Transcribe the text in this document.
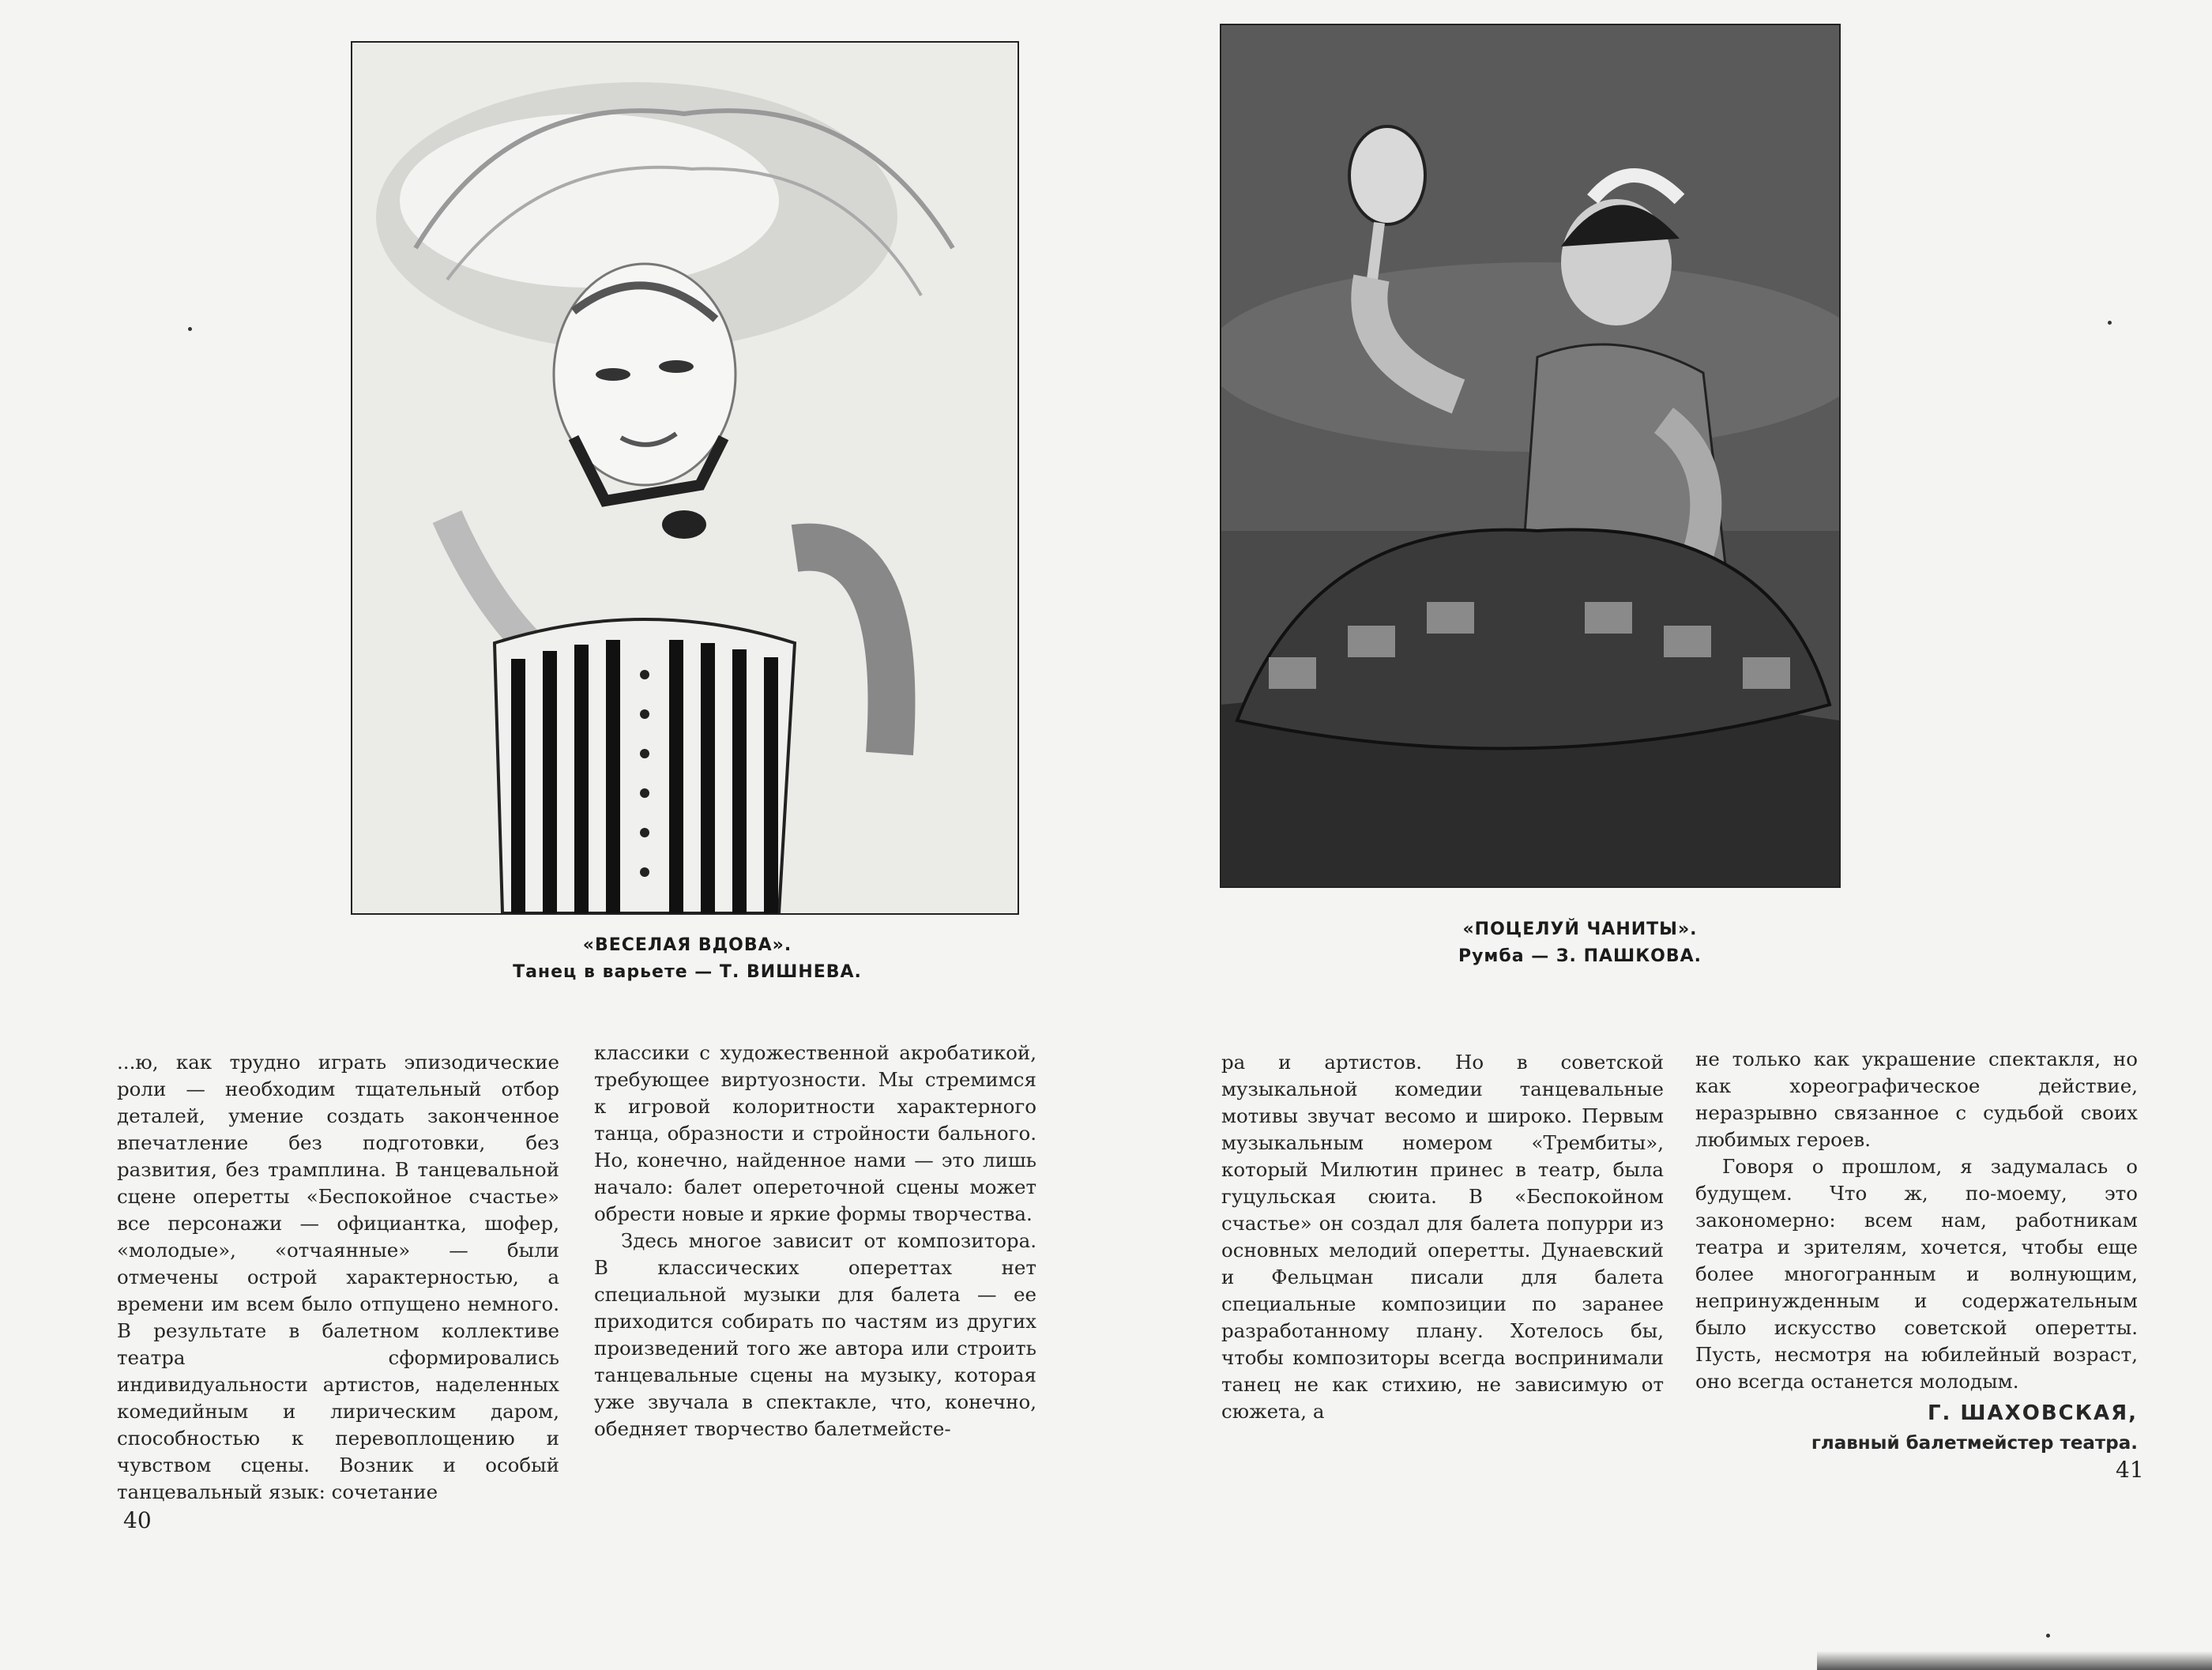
«ВЕСЕЛАЯ ВДОВА».
Танец в варьете — Т. ВИШНЕВА.

...ю, как трудно играть эпизодические роли — необходим тщательный отбор деталей, умение создать законченное впечатление без подготовки, без развития, без трамплина. В танцевальной сцене оперетты «Беспокойное счастье» все персонажи — официантка, шофер, «молодые», «отчаянные» — были отмечены острой характерностью, а времени им всем было отпущено немного. В результате в балетном коллективе театра сформировались индивидуальности артистов, наделенных комедийным и лирическим даром, способностью к перевоплощению и чувством сцены. Возник и особый танцевальный язык: сочетание

классики с художественной акробатикой, требующее виртуозности. Мы стремимся к игровой колоритности характерного танца, образности и стройности бального. Но, конечно, найденное нами — это лишь начало: балет опереточной сцены может обрести новые и яркие формы творчества.

Здесь многое зависит от композитора. В классических опереттах нет специальной музыки для балета — ее приходится собирать по частям из других произведений того же автора или строить танцевальные сцены на музыку, которая уже звучала в спектакле, что, конечно, обедняет творчество балетмейсте-

40
«ПОЦЕЛУЙ ЧАНИТЫ».
Румба — З. ПАШКОВА.

ра и артистов. Но в советской музыкальной комедии танцевальные мотивы звучат весомо и широко. Первым музыкальным номером «Трембиты», который Милютин принес в театр, была гуцульская сюита. В «Беспокойном счастье» он создал для балета попурри из основных мелодий оперетты. Дунаевский и Фельцман писали для балета специальные композиции по заранее разработанному плану. Хотелось бы, чтобы композиторы всегда воспринимали танец не как стихию, не зависимую от сюжета, а

не только как украшение спектакля, но как хореографическое действие, неразрывно связанное с судьбой своих любимых героев.

Говоря о прошлом, я задумалась о будущем. Что ж, по-моему, это закономерно: всем нам, работникам театра и зрителям, хочется, чтобы еще более многогранным и волнующим, непринужденным и содержательным было искусство советской оперетты. Пусть, несмотря на юбилейный возраст, оно всегда останется молодым.

Г. ШАХОВСКАЯ,
главный балетмейстер театра.
41
